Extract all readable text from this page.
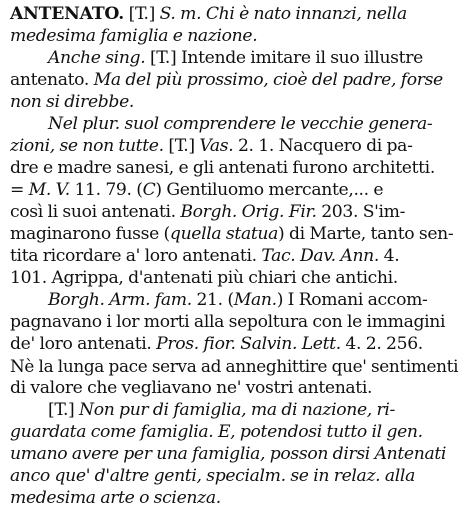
ANTENATO. [T.] S. m. Chi è nato innanzi, nella
medesima famiglia e nazione.
Anche sing. [T.] Intende imitare il suo illustre
antenato. Ma del più prossimo, cioè del padre, forse
non si direbbe.
Nel plur. suol comprendere le vecchie genera-
zioni, se non tutte. [T.] Vas. 2. 1. Nacquero di pa-
dre e madre sanesi, e gli antenati furono architetti.
= M. V. 11. 79. (C) Gentiluomo mercante,... e
così li suoi antenati. Borgh. Orig. Fir. 203. S'im-
maginarono fusse (quella statua) di Marte, tanto sen-
tita ricordare a' loro antenati. Tac. Dav. Ann. 4.
101. Agrippa, d'antenati più chiari che antichi.
Borgh. Arm. fam. 21. (Man.) I Romani accom-
pagnavano i lor morti alla sepoltura con le immagini
de' loro antenati. Pros. fior. Salvin. Lett. 4. 2. 256.
Nè la lunga pace serva ad anneghittire que' sentimenti
di valore che vegliavano ne' vostri antenati.
[T.] Non pur di famiglia, ma di nazione, ri-
guardata come famiglia. E, potendosi tutto il gen.
umano avere per una famiglia, posson dirsi Antenati
anco que' d'altre genti, specialm. se in relaz. alla
medesima arte o scienza.
